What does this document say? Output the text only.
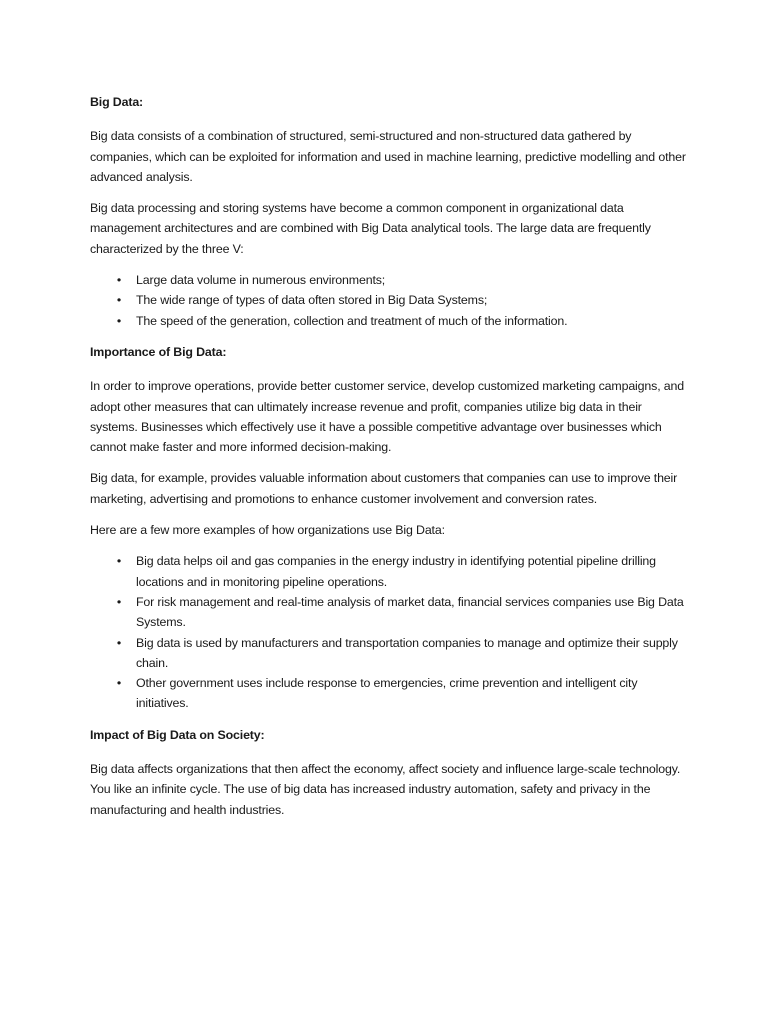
Big Data:
Big data consists of a combination of structured, semi-structured and non-structured data gathered by companies, which can be exploited for information and used in machine learning, predictive modelling and other advanced analysis.
Big data processing and storing systems have become a common component in organizational data management architectures and are combined with Big Data analytical tools. The large data are frequently characterized by the three V:
• Large data volume in numerous environments;
• The wide range of types of data often stored in Big Data Systems;
• The speed of the generation, collection and treatment of much of the information.
Importance of Big Data:
In order to improve operations, provide better customer service, develop customized marketing campaigns, and adopt other measures that can ultimately increase revenue and profit, companies utilize big data in their systems. Businesses which effectively use it have a possible competitive advantage over businesses which cannot make faster and more informed decision-making.
Big data, for example, provides valuable information about customers that companies can use to improve their marketing, advertising and promotions to enhance customer involvement and conversion rates.
Here are a few more examples of how organizations use Big Data:
• Big data helps oil and gas companies in the energy industry in identifying potential pipeline drilling locations and in monitoring pipeline operations.
• For risk management and real-time analysis of market data, financial services companies use Big Data Systems.
• Big data is used by manufacturers and transportation companies to manage and optimize their supply chain.
• Other government uses include response to emergencies, crime prevention and intelligent city initiatives.
Impact of Big Data on Society:
Big data affects organizations that then affect the economy, affect society and influence large-scale technology. You like an infinite cycle. The use of big data has increased industry automation, safety and privacy in the manufacturing and health industries.
